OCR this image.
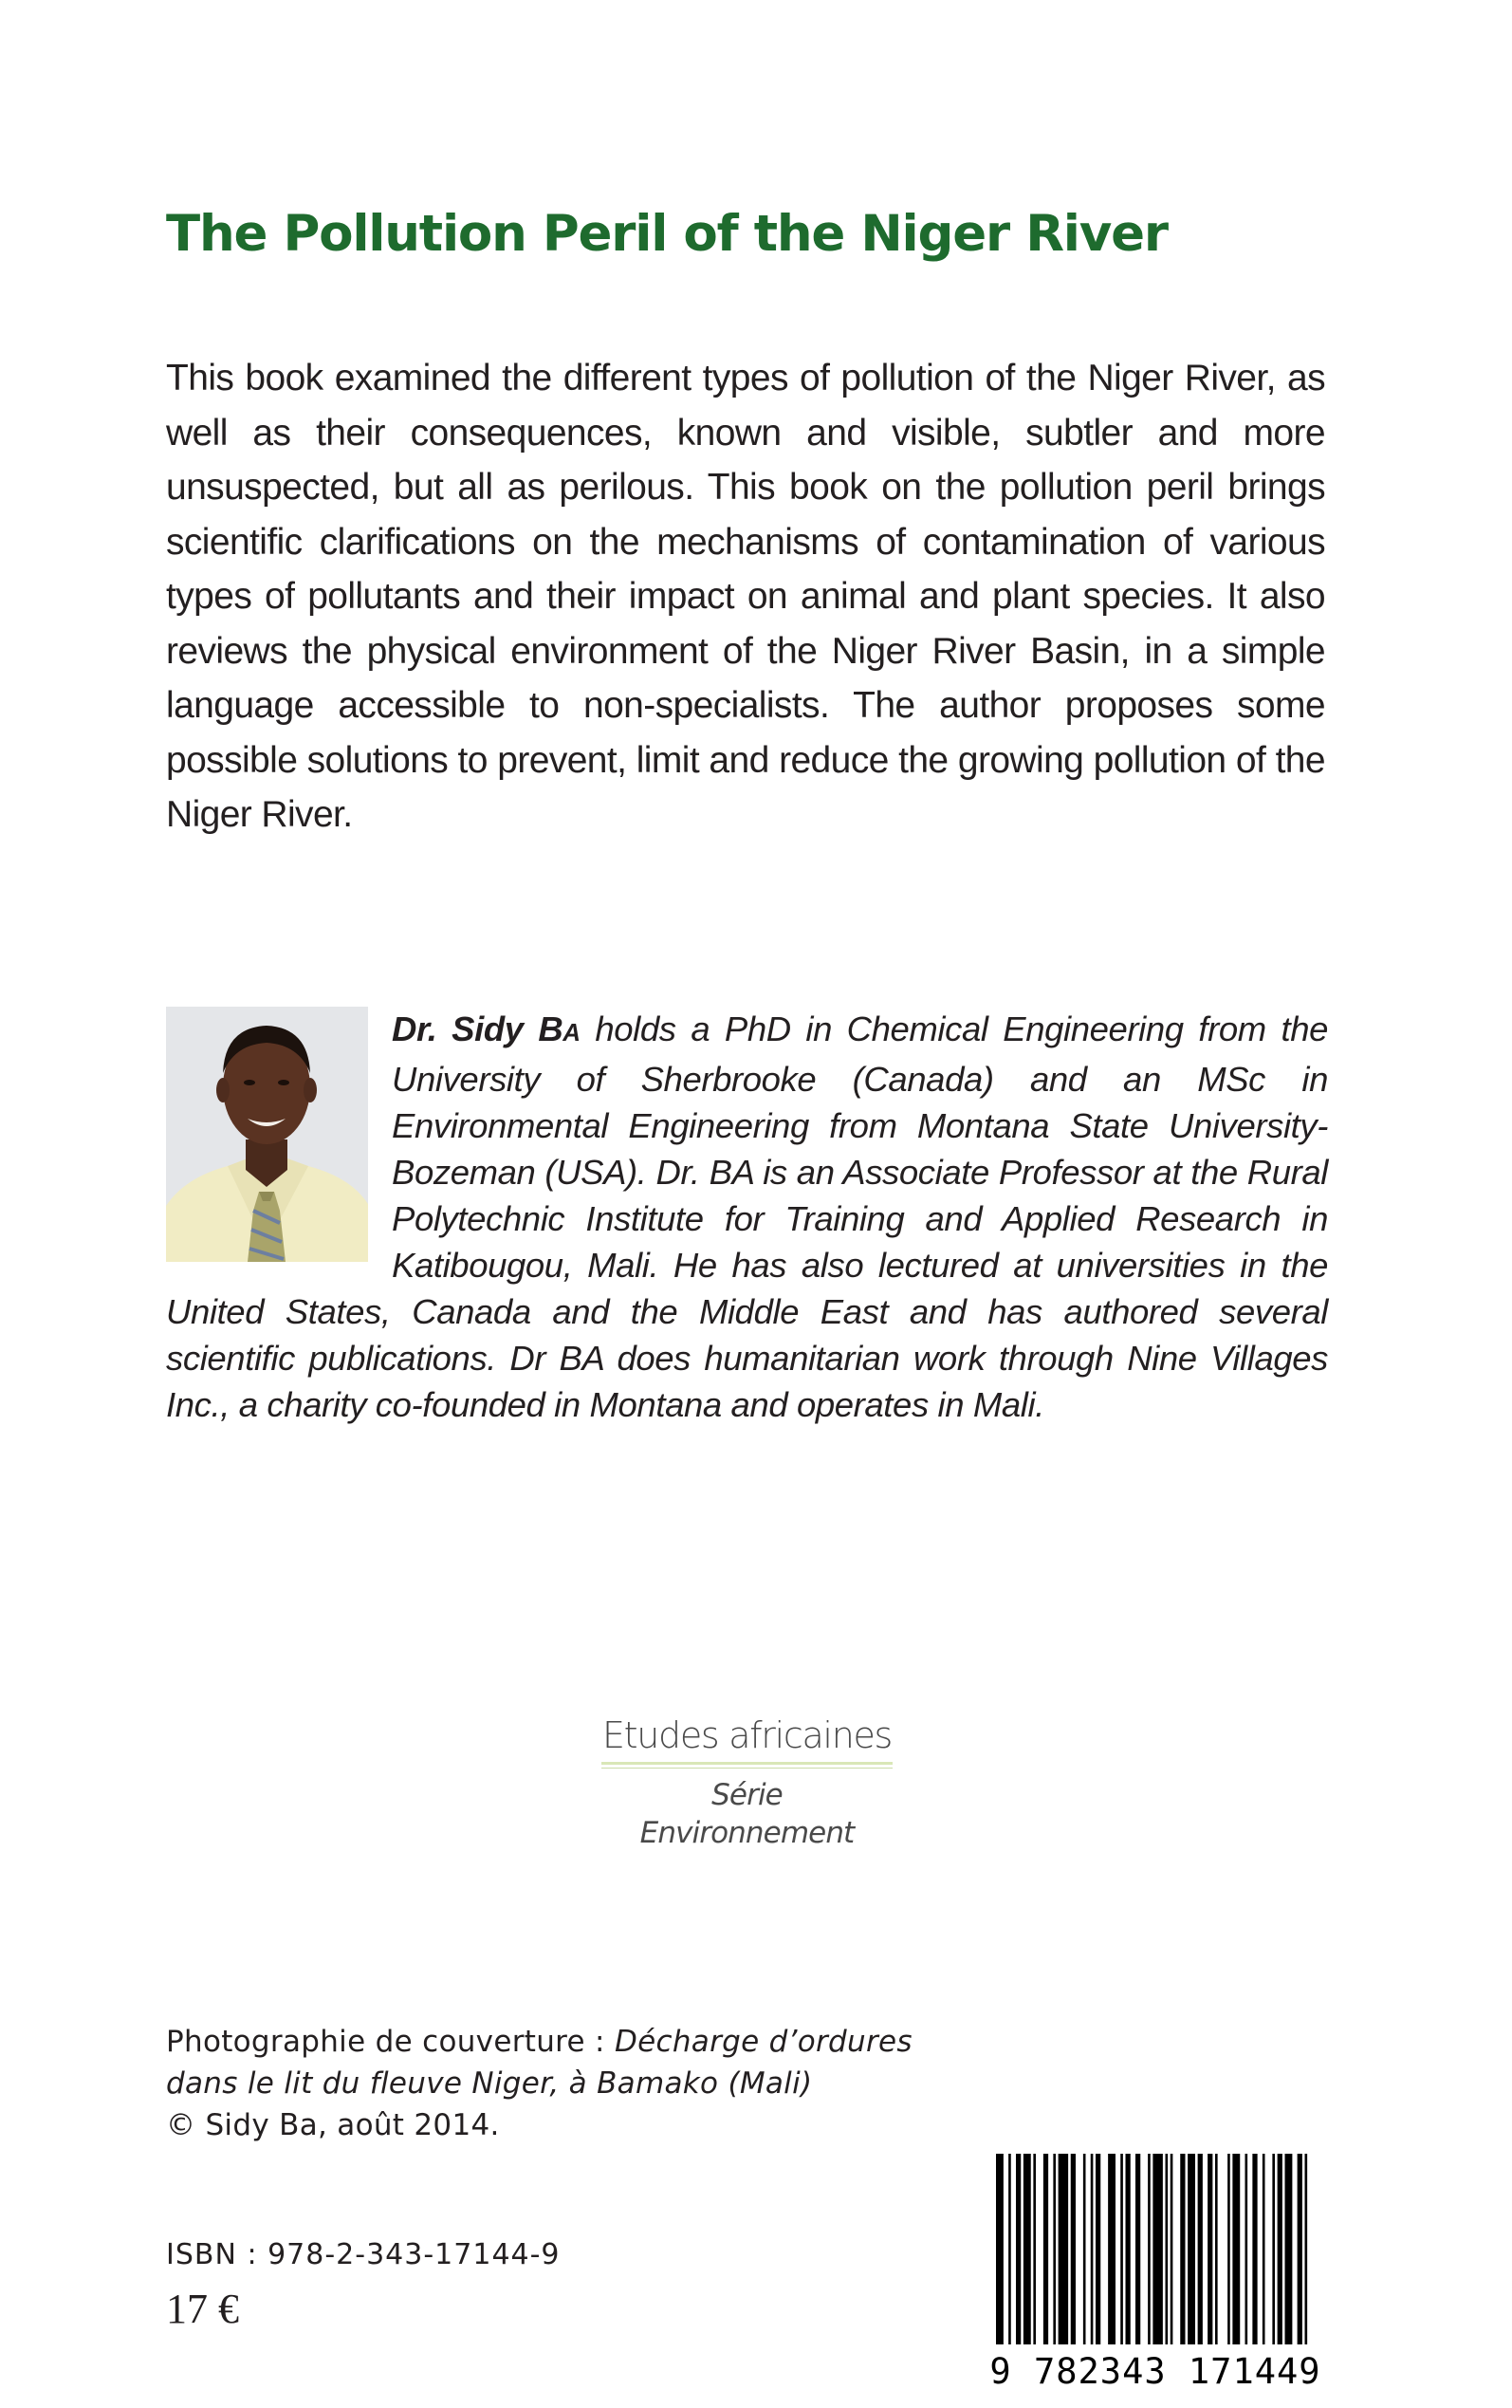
The Pollution Peril of the Niger River

This book examined the different types of pollution of the Niger River, as well as their consequences, known and visible, subtler and more unsuspected, but all as perilous. This book on the pollution peril brings scientific clarifications on the mechanisms of contamination of various types of pollutants and their impact on animal and plant species. It also reviews the physical environment of the Niger River Basin, in a simple language accessible to non-specialists. The author proposes some possible solutions to prevent, limit and reduce the growing pollution of the Niger River.

Dr. Sidy BA holds a PhD in Chemical Engineering from the University of Sherbrooke (Canada) and an MSc in Environmental Engineering from Montana State University-Bozeman (USA). Dr. BA is an Associate Professor at the Rural Polytechnic Institute for Training and Applied Research in Katibougou, Mali. He has also lectured at universities in the United States, Canada and the Middle East and has authored several scientific publications. Dr BA does humanitarian work through Nine Villages Inc., a charity co-founded in Montana and operates in Mali.

Etudes africaines
Série Environnement

Photographie de couverture : Décharge d’ordures dans le lit du fleuve Niger, à Bamako (Mali)
© Sidy Ba, août 2014.

ISBN : 978-2-343-17144-9
17 €
9 782343 171449
